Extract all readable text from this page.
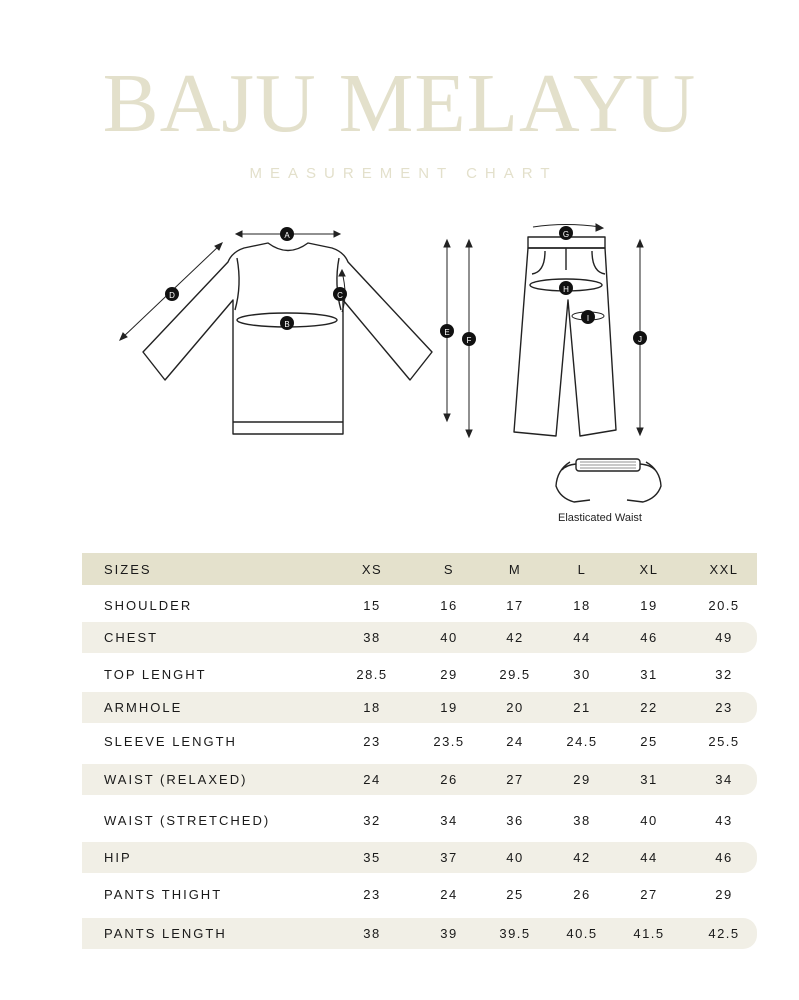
BAJU MELAYU
MEASUREMENT CHART
A
B
C
D
E
F
G
H
I
J
Elasticated Waist
SIZES	XS	S	M	L	XL	XXL
SHOULDER	15	16	17	18	19	20.5
CHEST	38	40	42	44	46	49
TOP LENGHT	28.5	29	29.5	30	31	32
ARMHOLE	18	19	20	21	22	23
SLEEVE LENGTH	23	23.5	24	24.5	25	25.5
WAIST (RELAXED)	24	26	27	29	31	34
WAIST (STRETCHED)	32	34	36	38	40	43
HIP	35	37	40	42	44	46
PANTS THIGHT	23	24	25	26	27	29
PANTS LENGTH	38	39	39.5	40.5	41.5	42.5
